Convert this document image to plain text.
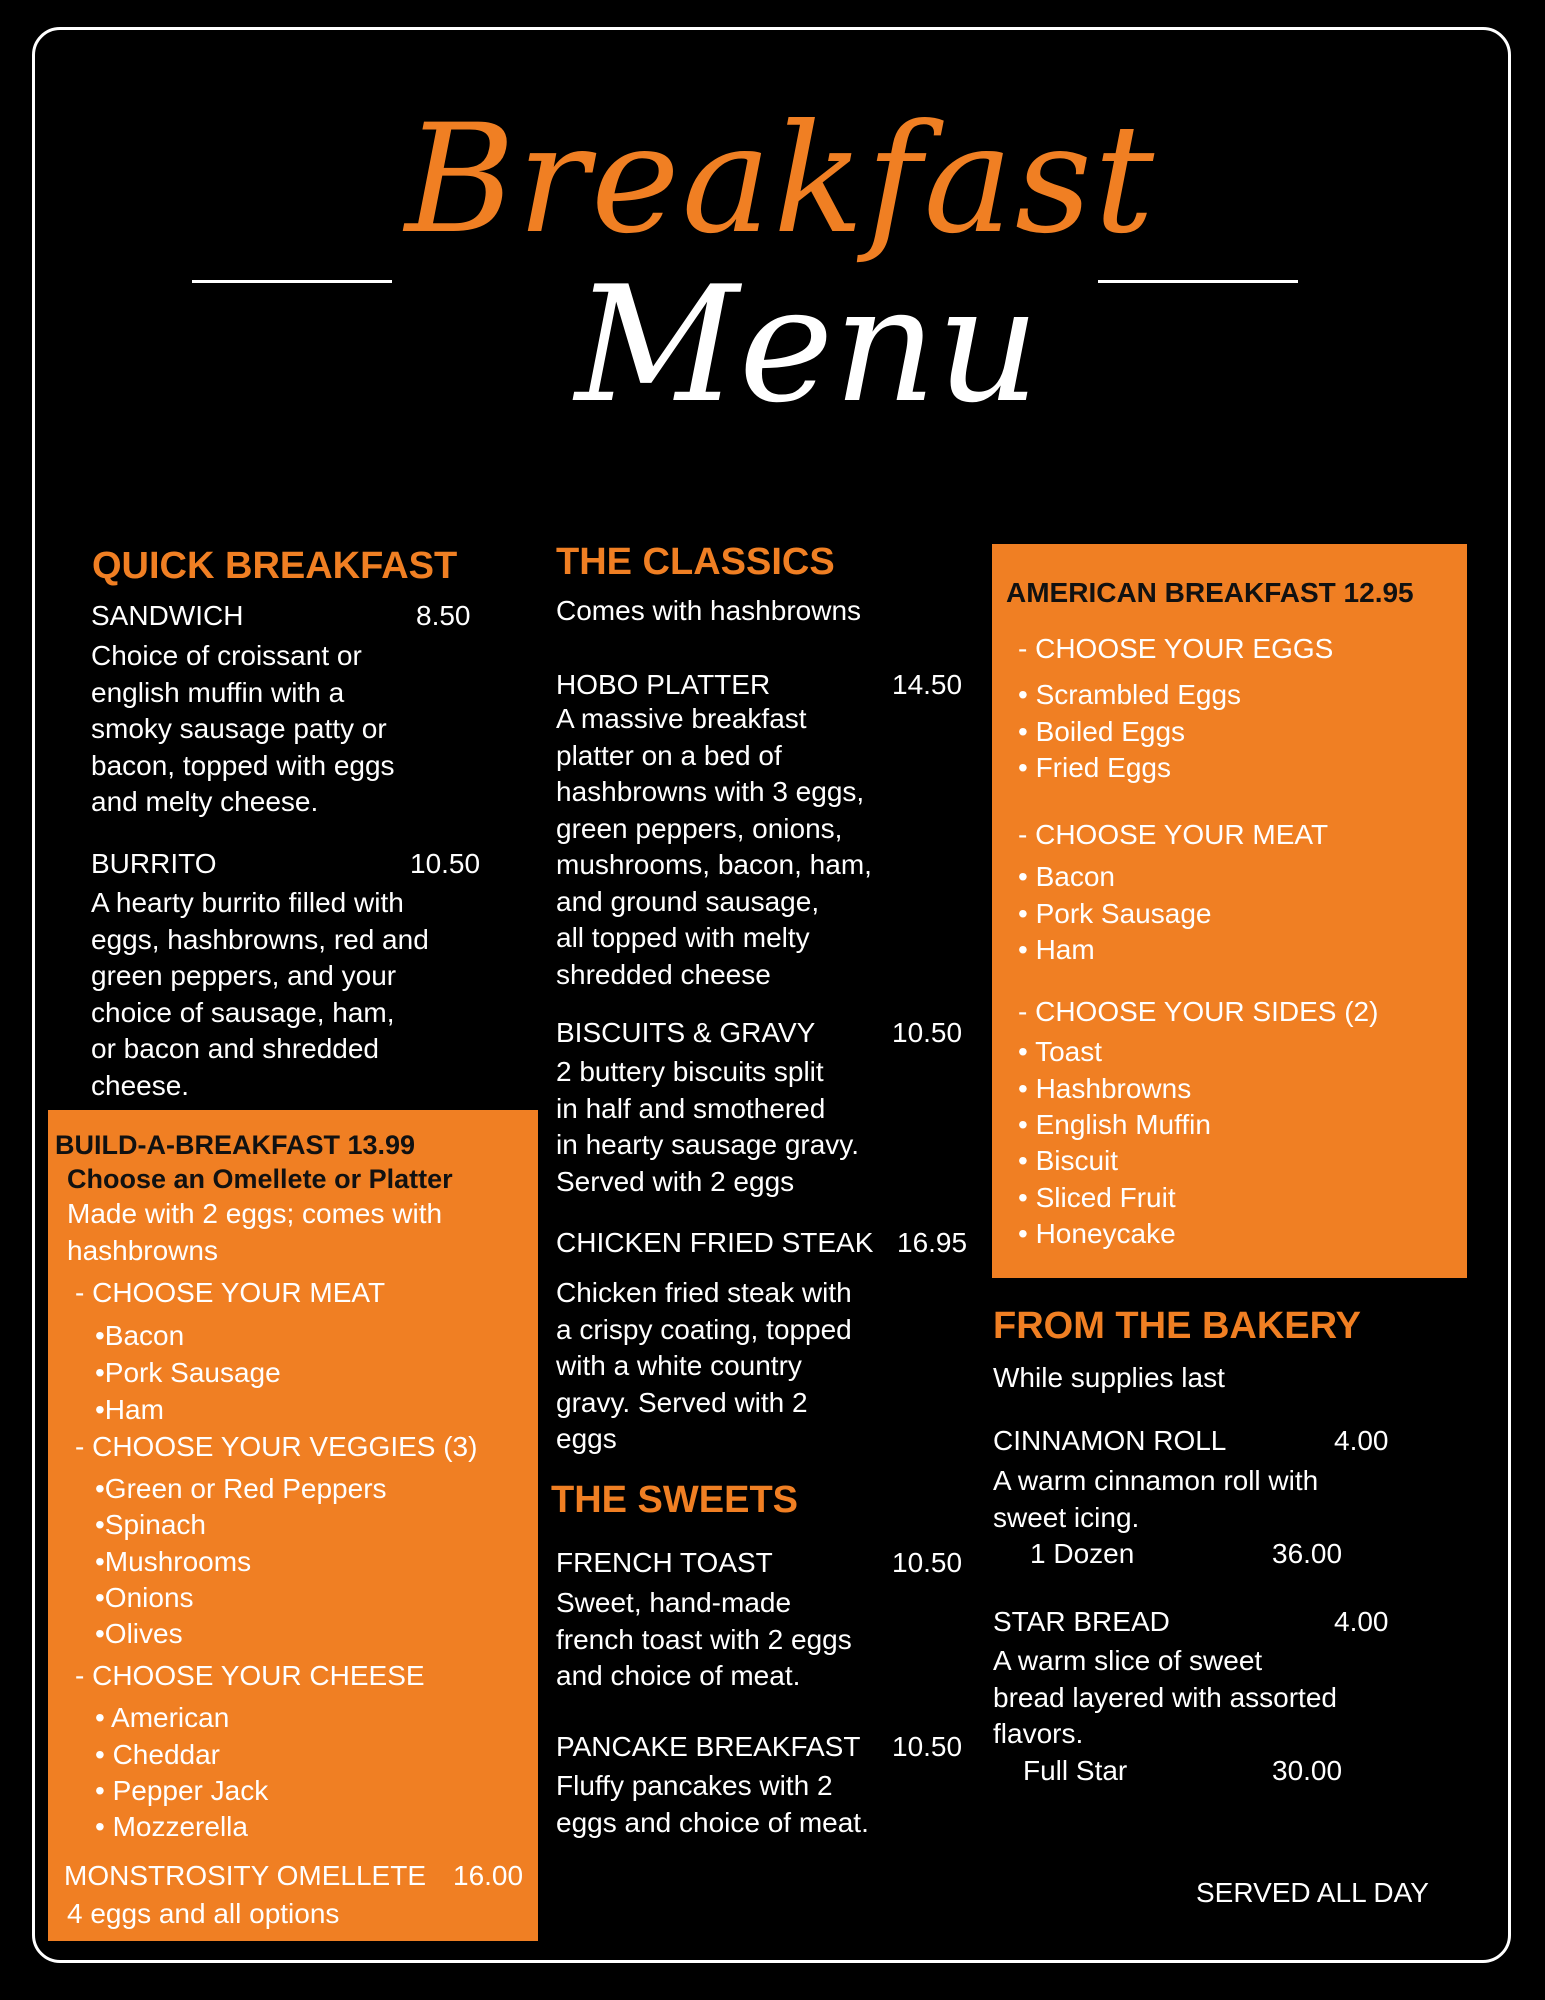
Breakfast
Menu
QUICK BREAKFAST
SANDWICH	8.50
Choice of croissant or
english muffin with a
smoky sausage patty or
bacon, topped with eggs
and melty cheese.
BURRITO	10.50
A hearty burrito filled with
eggs, hashbrowns, red and
green peppers, and your
choice of sausage, ham,
or bacon and shredded
cheese.
BUILD-A-BREAKFAST 13.99
Choose an Omellete or Platter
Made with 2 eggs; comes with
hashbrowns
- CHOOSE YOUR MEAT
•Bacon
•Pork Sausage
•Ham
- CHOOSE YOUR VEGGIES (3)
•Green or Red Peppers
•Spinach
•Mushrooms
•Onions
•Olives
- CHOOSE YOUR CHEESE
• American
• Cheddar
• Pepper Jack
• Mozzerella
MONSTROSITY OMELLETE 16.00
4 eggs and all options
THE CLASSICS
Comes with hashbrowns
HOBO PLATTER	14.50
A massive breakfast
platter on a bed of
hashbrowns with 3 eggs,
green peppers, onions,
mushrooms, bacon, ham,
and ground sausage,
all topped with melty
shredded cheese
BISCUITS & GRAVY	10.50
2 buttery biscuits split
in half and smothered
in hearty sausage gravy.
Served with 2 eggs
CHICKEN FRIED STEAK 16.95
Chicken fried steak with
a crispy coating, topped
with a white country
gravy. Served with 2
eggs
THE SWEETS
FRENCH TOAST	10.50
Sweet, hand-made
french toast with 2 eggs
and choice of meat.
PANCAKE BREAKFAST 10.50
Fluffy pancakes with 2
eggs and choice of meat.
AMERICAN BREAKFAST 12.95
- CHOOSE YOUR EGGS
• Scrambled Eggs
• Boiled Eggs
• Fried Eggs
- CHOOSE YOUR MEAT
• Bacon
• Pork Sausage
• Ham
- CHOOSE YOUR SIDES (2)
• Toast
• Hashbrowns
• English Muffin
• Biscuit
• Sliced Fruit
• Honeycake
FROM THE BAKERY
While supplies last
CINNAMON ROLL	4.00
A warm cinnamon roll with
sweet icing.
1 Dozen	36.00
STAR BREAD	4.00
A warm slice of sweet
bread layered with assorted
flavors.
Full Star	30.00
SERVED ALL DAY
